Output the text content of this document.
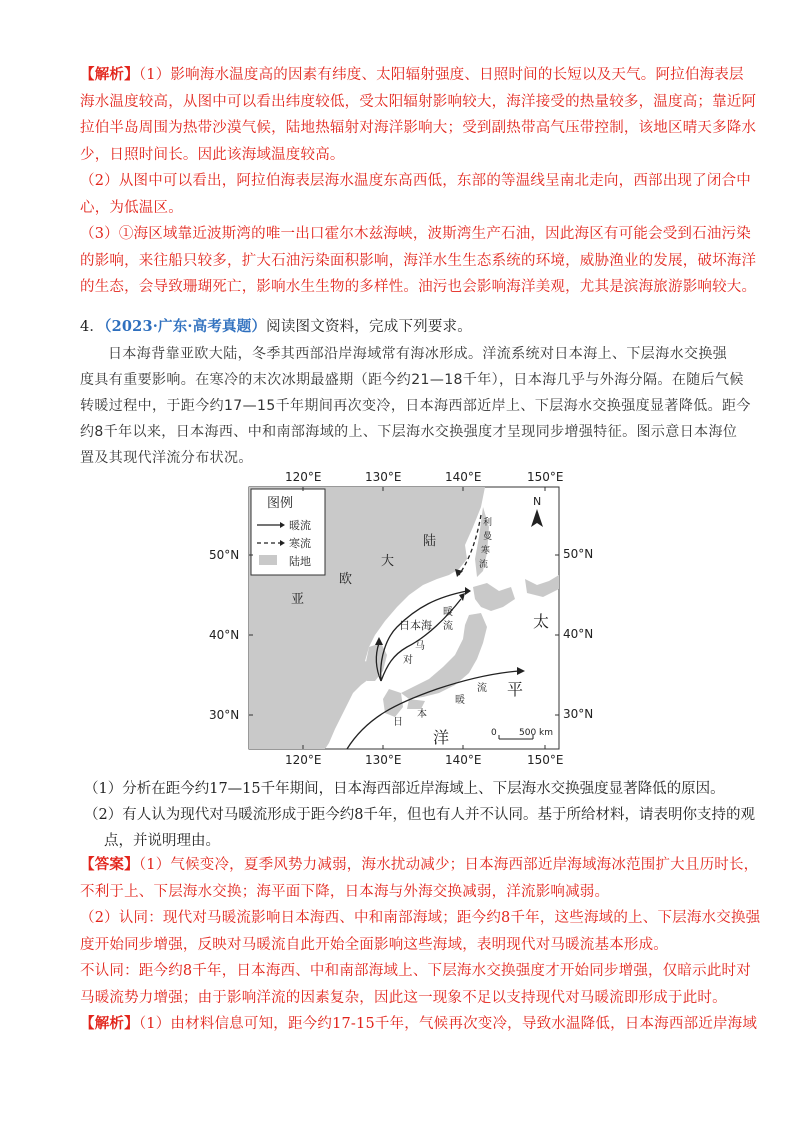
【解析】（1）影响海水温度高的因素有纬度、太阳辐射强度、日照时间的长短以及天气。阿拉伯海表层
海水温度较高，从图中可以看出纬度较低，受太阳辐射影响较大，海洋接受的热量较多，温度高；靠近阿
拉伯半岛周围为热带沙漠气候，陆地热辐射对海洋影响大；受到副热带高气压带控制，该地区晴天多降水
少，日照时间长。因此该海域温度较高。
（2）从图中可以看出，阿拉伯海表层海水温度东高西低，东部的等温线呈南北走向，西部出现了闭合中
心，为低温区。
（3）①海区域靠近波斯湾的唯一出口霍尔木兹海峡，波斯湾生产石油，因此海区有可能会受到石油污染
的影响，来往船只较多，扩大石油污染面积影响，海洋水生生态系统的环境，威胁渔业的发展，破坏海洋
的生态，会导致珊瑚死亡，影响水生生物的多样性。油污也会影响海洋美观，尤其是滨海旅游影响较大。
4．（2023·广东·高考真题）阅读图文资料，完成下列要求。
日本海背靠亚欧大陆，冬季其西部沿岸海域常有海冰形成。洋流系统对日本海上、下层海水交换强
度具有重要影响。在寒冷的末次冰期最盛期（距今约21—18千年），日本海几乎与外海分隔。在随后气候
转暖过程中，于距今约17—15千年期间再次变冷，日本海西部近岸上、下层海水交换强度显著降低。距今
约8千年以来，日本海西、中和南部海域的上、下层海水交换强度才呈现同步增强特征。图示意日本海位
置及其现代洋流分布状况。
图例
暖流
寒流
陆地
120°E	130°E	140°E	150°E
50°N
40°N
30°N
亚
欧
大
陆
日本海	太
平
洋
利
曼
寒
流
暖
流
马
对
日
本
暖
流
N
0 500 km
120°E	130°E	140°E	150°E
50°N
40°N
30°N
（1）分析在距今约17—15千年期间，日本海西部近岸海域上、下层海水交换强度显著降低的原因。
（2）有人认为现代对马暖流形成于距今约8千年，但也有人并不认同。基于所给材料，请表明你支持的观
点，并说明理由。
【答案】（1）气候变冷，夏季风势力减弱，海水扰动减少；日本海西部近岸海域海冰范围扩大且历时长，
不利于上、下层海水交换；海平面下降，日本海与外海交换减弱，洋流影响减弱。
（2）认同：现代对马暖流影响日本海西、中和南部海域；距今约8千年，这些海域的上、下层海水交换强
度开始同步增强，反映对马暖流自此开始全面影响这些海域，表明现代对马暖流基本形成。
不认同：距今约8千年，日本海西、中和南部海域上、下层海水交换强度才开始同步增强，仅暗示此时对
马暖流势力增强；由于影响洋流的因素复杂，因此这一现象不足以支持现代对马暖流即形成于此时。
【解析】（1）由材料信息可知，距今约17-15千年，气候再次变冷，导致水温降低，日本海西部近岸海域
